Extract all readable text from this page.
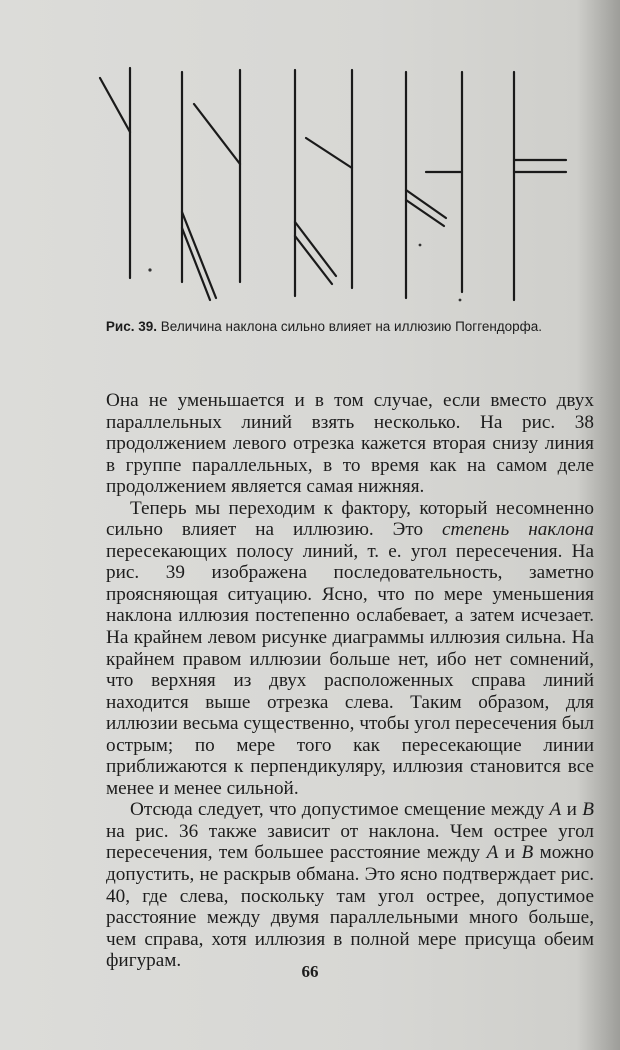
Рис. 39. Величина наклона сильно влияет на иллюзию Поггендорфа.

Она не уменьшается и в том случае, если вместо двух параллельных линий взять несколько. На рис. 38 продолжением левого отрезка кажется вторая снизу линия в группе параллельных, в то время как на самом деле продолжением является самая нижняя.

Теперь мы переходим к фактору, который несомненно сильно влияет на иллюзию. Это степень наклона пересекающих полосу линий, т. е. угол пересечения. На рис. 39 изображена последовательность, заметно проясняющая ситуацию. Ясно, что по мере уменьшения наклона иллюзия постепенно ослабевает, а затем исчезает. На крайнем левом рисунке диаграммы иллюзия сильна. На крайнем правом иллюзии больше нет, ибо нет сомнений, что верхняя из двух расположенных справа линий находится выше отрезка слева. Таким образом, для иллюзии весьма существенно, чтобы угол пересечения был острым; по мере того как пересекающие линии приближаются к перпендикуляру, иллюзия становится все менее и менее сильной.

Отсюда следует, что допустимое смещение между A и B на рис. 36 также зависит от наклона. Чем острее угол пересечения, тем большее расстояние между A и B можно допустить, не раскрыв обмана. Это ясно подтверждает рис. 40, где слева, поскольку там угол острее, допустимое расстояние между двумя параллельными много больше, чем справа, хотя иллюзия в полной мере присуща обеим фигурам.

66
